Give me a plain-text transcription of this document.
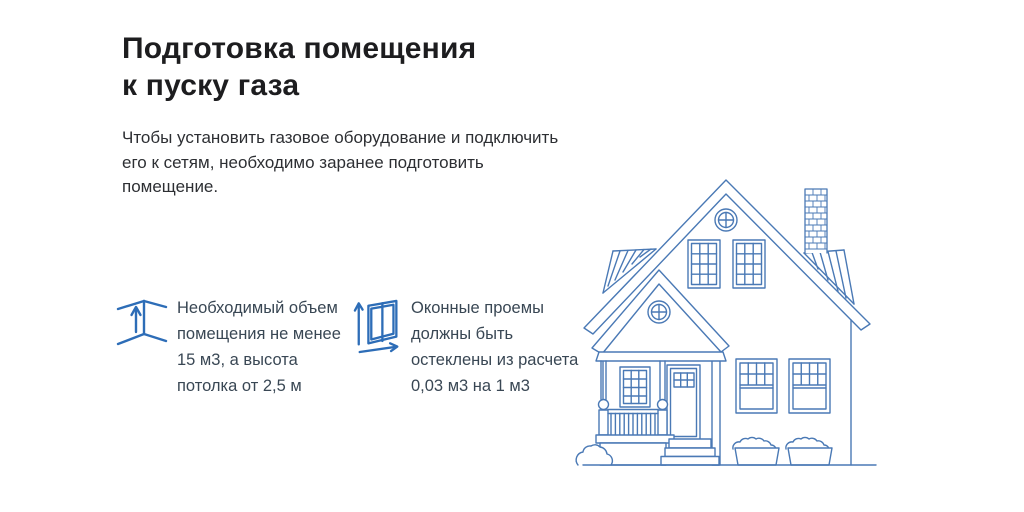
Подготовка помещения
к пуску газа

Чтобы установить газовое оборудование и подключить его к сетям, необходимо заранее подготовить помещение.

Необходимый объем помещения не менее 15 м3, а высота потолка от 2,5 м
Оконные проемы должны быть остеклены из расчета 0,03 м3 на 1 м3
